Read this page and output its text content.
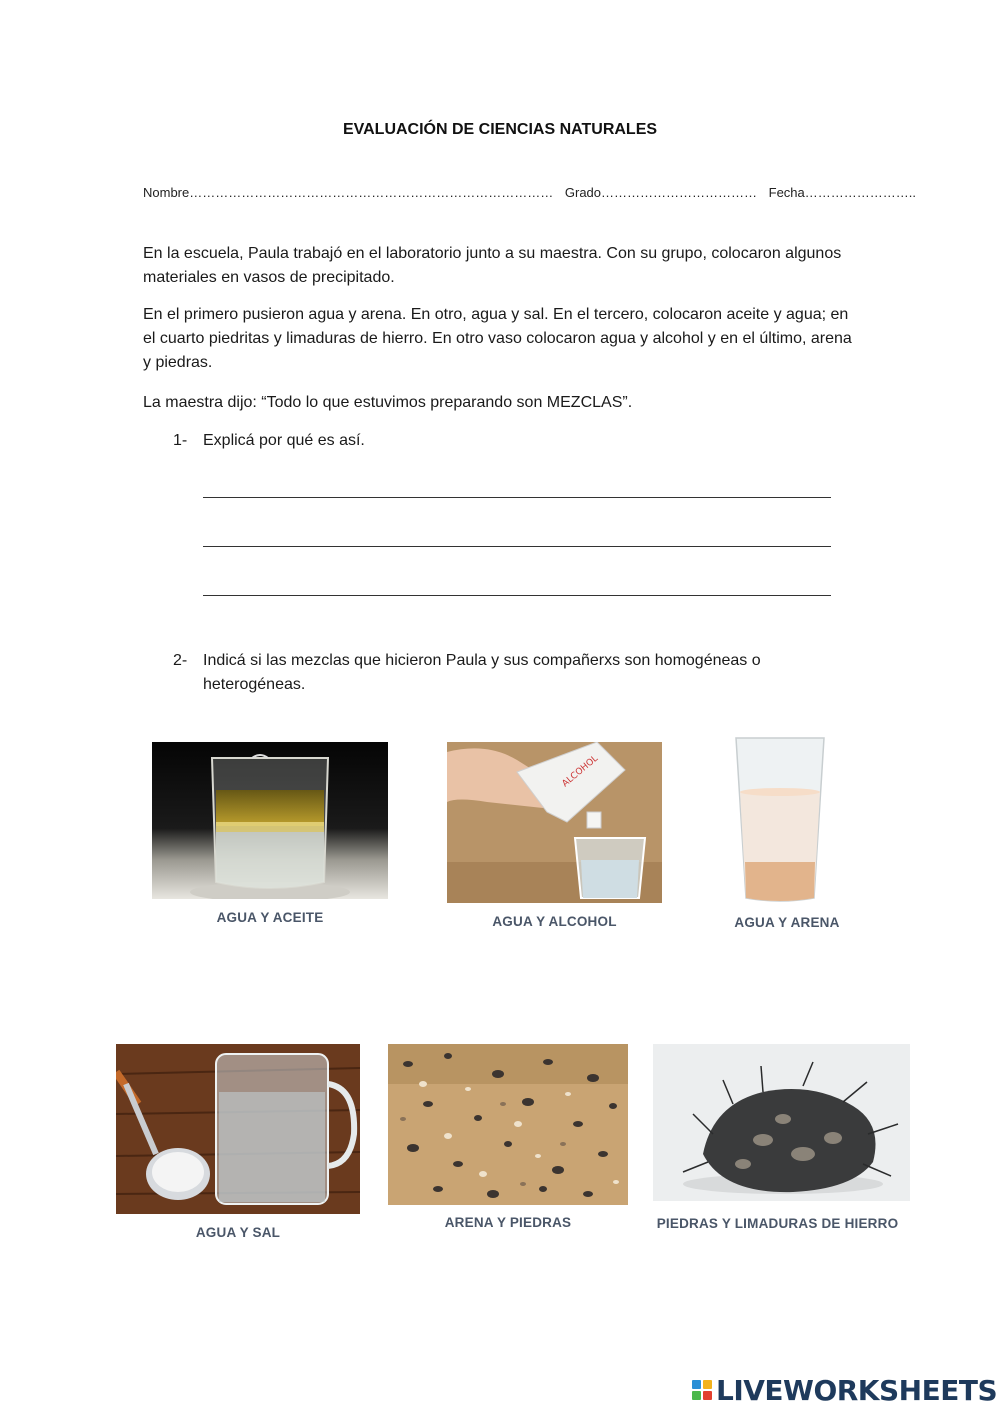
EVALUACIÓN DE CIENCIAS NATURALES
Nombre………………………………………………………………………… Grado……………………………… Fecha……………………..

En la escuela, Paula trabajó en el laboratorio junto a su maestra. Con su grupo, colocaron algunos materiales en vasos de precipitado.

En el primero pusieron agua y arena. En otro, agua y sal. En el tercero, colocaron aceite y agua; en el cuarto piedritas y limaduras de hierro. En otro vaso colocaron agua y alcohol y en el último, arena y piedras.

La maestra dijo: “Todo lo que estuvimos preparando son MEZCLAS”.

1- Explicá por qué es así.
2- Indicá si las mezclas que hicieron Paula y sus compañerxs son homogéneas o heterogéneas.
AGUA Y ACEITE
ALCOHOL
AGUA Y ALCOHOL	AGUA Y ARENA
AGUA Y SAL
ARENA Y PIEDRAS	PIEDRAS Y LIMADURAS DE HIERRO
LIVEWORKSHEETS
